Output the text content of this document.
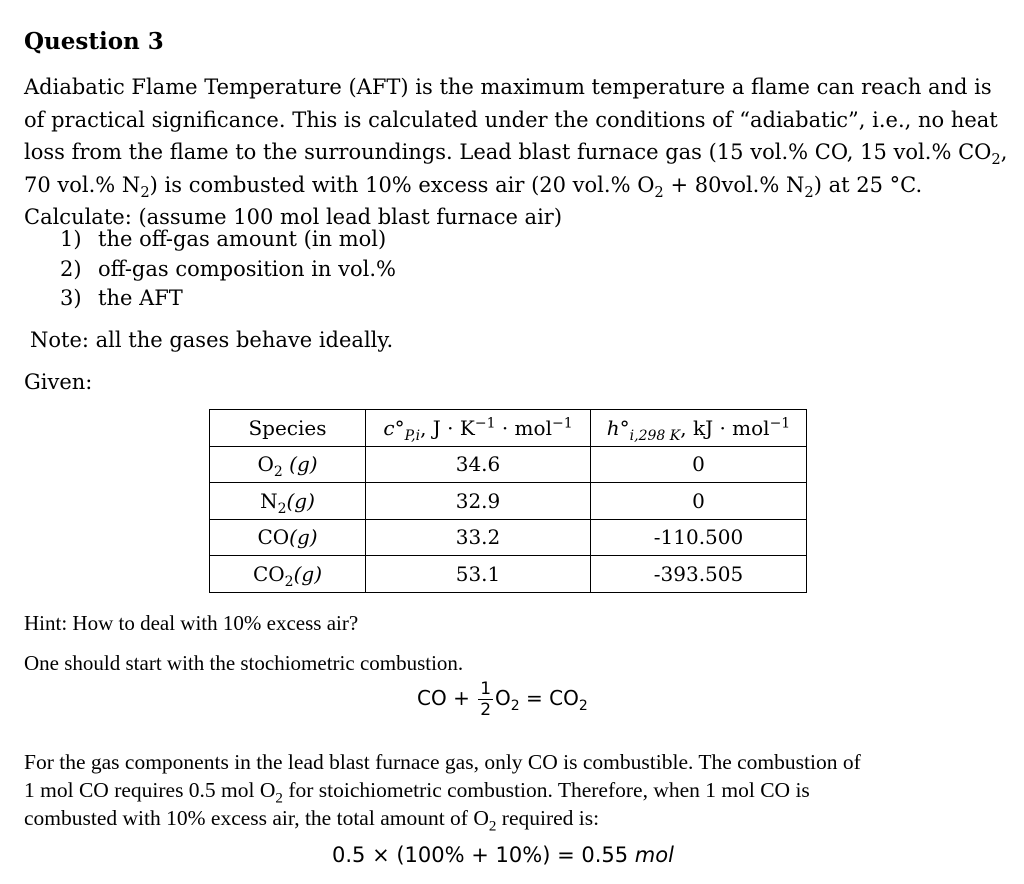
Question 3
Adiabatic Flame Temperature (AFT) is the maximum temperature a flame can reach and is
of practical significance. This is calculated under the conditions of “adiabatic”, i.e., no heat
loss from the flame to the surroundings. Lead blast furnace gas (15 vol.% CO, 15 vol.% $CO_2$,
70 vol.% $N_2$) is combusted with 10% excess air (20 vol.% $O_2 + 80vol.\%$ $N_2$) at 25 °C.
Calculate: (assume 100 mol lead blast furnace air)
1) the off-gas amount (in mol)
2) off-gas composition in vol.%
3) the AFT
Note: all the gases behave ideally.
Given:
Species	$c^\circ_{P,i}$, $J \cdot K^{-1} \cdot mol^{-1}$	$h^\circ_{i,298 K}$, kJ · mol$^{-1}$
$O_2$ (g)	34.6	0
$N_2(g)$	32.9	0
CO(g)	33.2	-110.500
$CO_2(g)$	53.1	-393.505
Hint: How to deal with 10% excess air?
One should start with the stochiometric combustion.
CO + $\frac{1}{2} O_2 = CO_2$
For the gas components in the lead blast furnace gas, only CO is combustible. The combustion of
1 mol CO requires 0.5 mol $O_2$ for stoichiometric combustion. Therefore, when 1 mol CO is
combusted with 10% excess air, the total amount of $O_2$ required is:
0.5 × (100% + 10%) = 0.55 mol
